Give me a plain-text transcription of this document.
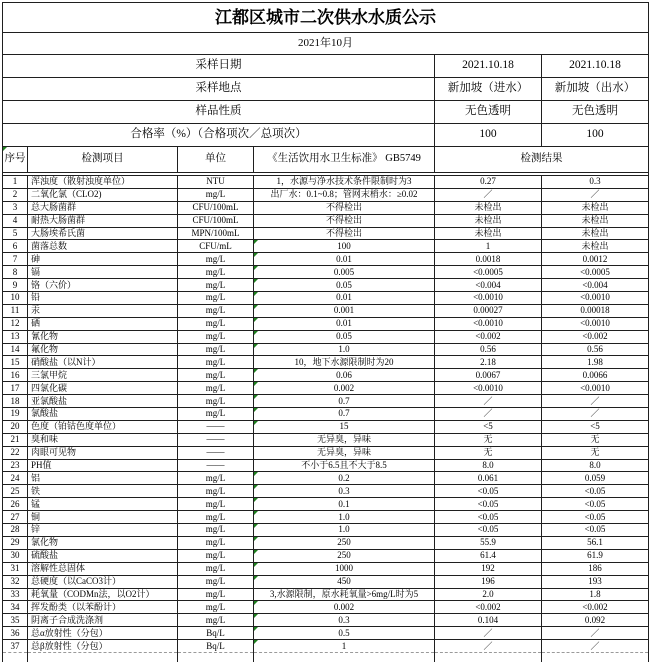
江都区城市二次供水水质公示					
2021年10月					
采样日期				2021.10.18	2021.10.18
采样地点				新加坡（进水）	新加坡（出水）
样品性质				无色透明	无色透明
合格率（%）（合格项次／总项次）				100	100

序号	检测项目	单位	《生活饮用水卫生标准》 GB5749	检测结果	

1	浑浊度（散射浊度单位）	NTU	1，水源与净水技术条件限制时为3	0.27	0.3
2	二氧化氯（CLO2)	mg/L	出厂水：0.1~0.8；管网末梢水：≥0.02	／	／
3	总大肠菌群	CFU/100mL	不得检出	未检出	未检出
4	耐热大肠菌群	CFU/100mL	不得检出	未检出	未检出
5	大肠埃希氏菌	MPN/100mL	不得检出	未检出	未检出
6	菌落总数	CFU/mL	100	1	未检出
7	砷	mg/L	0.01	0.0018	0.0012
8	镉	mg/L	0.005	<0.0005	<0.0005
9	铬（六价）	mg/L	0.05	<0.004	<0.004
10	铅	mg/L	0.01	<0.0010	<0.0010
11	汞	mg/L	0.001	0.00027	0.00018
12	硒	mg/L	0.01	<0.0010	<0.0010
13	氰化物	mg/L	0.05	<0.002	<0.002
14	氟化物	mg/L	1.0	0.56	0.56
15	硝酸盐（以N计）	mg/L	10，地下水源限制时为20	2.18	1.98
16	三氯甲烷	mg/L	0.06	0.0067	0.0066
17	四氯化碳	mg/L	0.002	<0.0010	<0.0010
18	亚氯酸盐	mg/L	0.7	／	／
19	氯酸盐	mg/L	0.7	／	／
20	色度（铂钴色度单位）	——	15	<5	<5
21	臭和味	——	无异臭，异味	无	无
22	肉眼可见物	——	无异臭，异味	无	无
23	PH值	——	不小于6.5且不大于8.5	8.0	8.0
24	铝	mg/L	0.2	0.061	0.059
25	铁	mg/L	0.3	<0.05	<0.05
26	锰	mg/L	0.1	<0.05	<0.05
27	铜	mg/L	1.0	<0.05	<0.05
28	锌	mg/L	1.0	<0.05	<0.05
29	氯化物	mg/L	250	55.9	56.1
30	硫酸盐	mg/L	250	61.4	61.9
31	溶解性总固体	mg/L	1000	192	186
32	总硬度（以CaCO3计）	mg/L	450	196	193
33	耗氧量（CODMn法，以O2计）	mg/L	3,水源限制，原水耗氧量>6mg/L时为5	2.0	1.8
34	挥发酚类（以苯酚计）	mg/L	0.002	<0.002	<0.002
35	阴离子合成洗涤剂	mg/L	0.3	0.104	0.092
36	总α放射性（分包）	Bq/L	0.5	／	／
37	总β放射性（分包）	Bq/L	1	／	／
